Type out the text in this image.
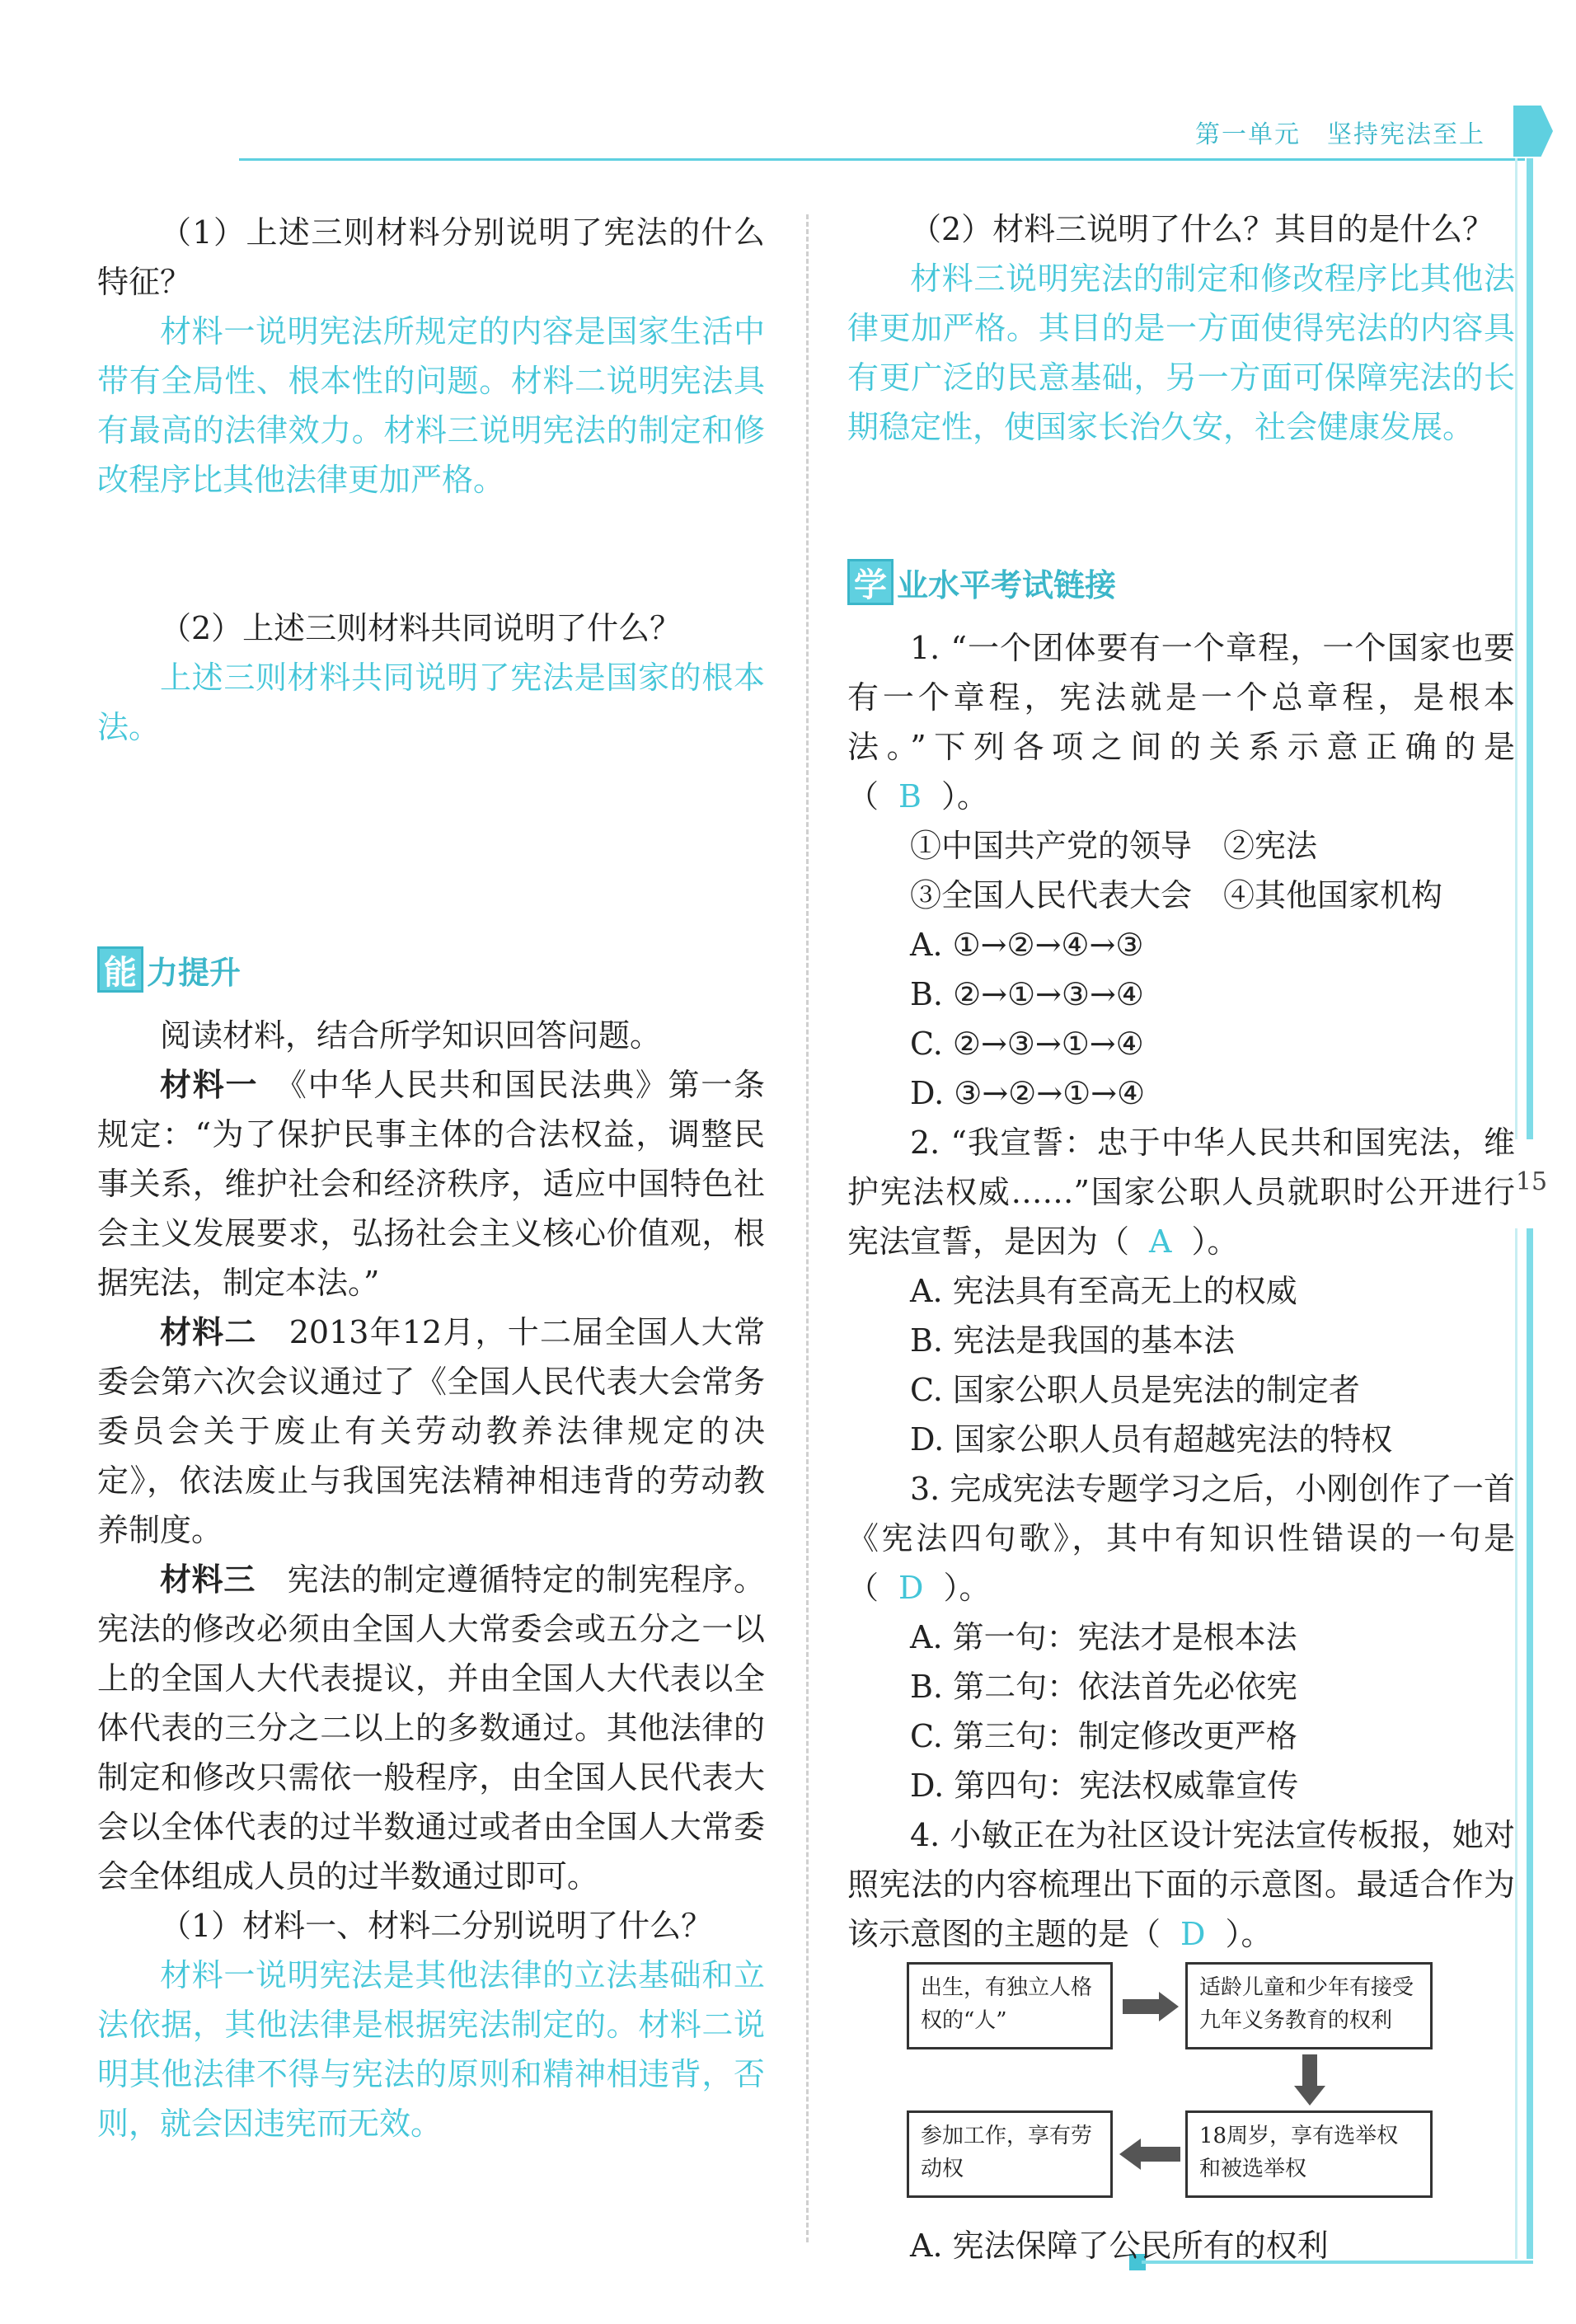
第一单元　坚持宪法至上
15
（1）上述三则材料分别说明了宪法的什么特征？
材料一说明宪法所规定的内容是国家生活中带有全局性、根本性的问题。材料二说明宪法具有最高的法律效力。材料三说明宪法的制定和修改程序比其他法律更加严格。
（2）上述三则材料共同说明了什么？
上述三则材料共同说明了宪法是国家的根本法。
能 力提升
阅读材料，结合所学知识回答问题。
材料一　 《中华人民共和国民法典》第一条规定：“为了保护民事主体的合法权益，调整民事关系，维护社会和经济秩序，适应中国特色社会主义发展要求，弘扬社会主义核心价值观，根据宪法，制定本法。”
材料二　 2013年12月，十二届全国人大常委会第六次会议通过了《全国人民代表大会常务委员会关于废止有关劳动教养法律规定的决定》，依法废止与我国宪法精神相违背的劳动教养制度。
材料三　 宪法的制定遵循特定的制宪程序。宪法的修改必须由全国人大常委会或五分之一以上的全国人大代表提议，并由全国人大代表以全体代表的三分之二以上的多数通过。其他法律的制定和修改只需依一般程序，由全国人民代表大会以全体代表的过半数通过或者由全国人大常委会全体组成人员的过半数通过即可。
（1）材料一、材料二分别说明了什么？
材料一说明宪法是其他法律的立法基础和立法依据，其他法律是根据宪法制定的。材料二说明其他法律不得与宪法的原则和精神相违背，否则，就会因违宪而无效。
（2）材料三说明了什么？其目的是什么？
材料三说明宪法的制定和修改程序比其他法律更加严格。其目的是一方面使得宪法的内容具有更广泛的民意基础，另一方面可保障宪法的长期稳定性，使国家长治久安，社会健康发展。
学 业水平考试链接
1. “一个团体要有一个章程，一个国家也要有一个章程，宪法就是一个总章程，是根本法。”下列各项之间的关系示意正确的是（ B ）。
①中国共产党的领导　②宪法
③全国人民代表大会　④其他国家机构
A. ①→②→④→③
B. ②→①→③→④
C. ②→③→①→④
D. ③→②→①→④
2. “我宣誓：忠于中华人民共和国宪法，维护宪法权威……”国家公职人员就职时公开进行宪法宣誓，是因为（ A ）。
A. 宪法具有至高无上的权威
B. 宪法是我国的基本法
C. 国家公职人员是宪法的制定者
D. 国家公职人员有超越宪法的特权
3. 完成宪法专题学习之后，小刚创作了一首《宪法四句歌》，其中有知识性错误的一句是（ D ）。
A. 第一句：宪法才是根本法
B. 第二句：依法首先必依宪
C. 第三句：制定修改更严格
D. 第四句：宪法权威靠宣传
4. 小敏正在为社区设计宪法宣传板报，她对照宪法的内容梳理出下面的示意图。最适合作为该示意图的主题的是（ D ）。
出生，有独立人格权的“人”
适龄儿童和少年有接受九年义务教育的权利
18周岁，享有选举权和被选举权
参加工作，享有劳动权
A. 宪法保障了公民所有的权利
